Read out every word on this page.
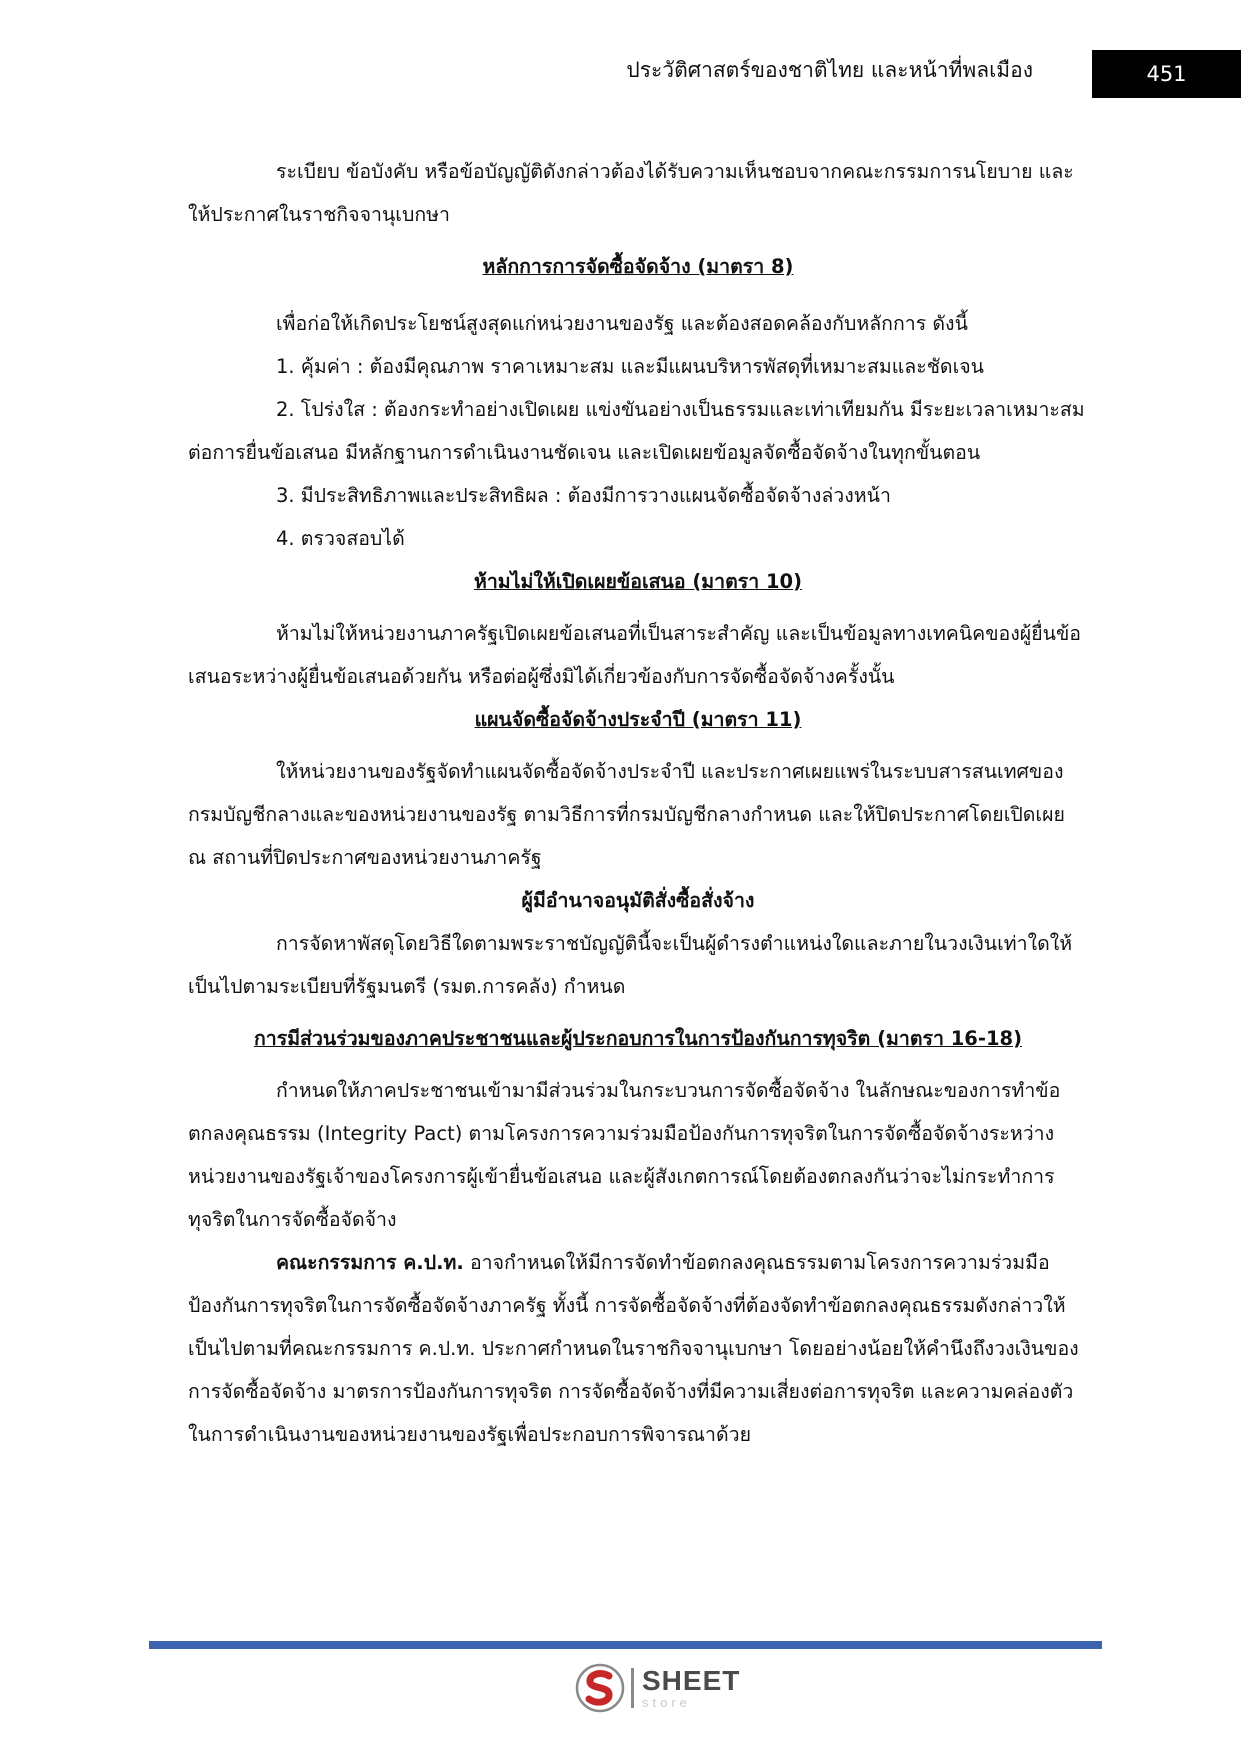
ประวัติศาสตร์ของชาติไทย และหน้าที่พลเมือง	451

ระเบียบ ข้อบังคับ หรือข้อบัญญัติดังกล่าวต้องได้รับความเห็นชอบจากคณะกรรมการนโยบาย และให้ประกาศในราชกิจจานุเบกษา

หลักการการจัดซื้อจัดจ้าง (มาตรา 8)

เพื่อก่อให้เกิดประโยชน์สูงสุดแก่หน่วยงานของรัฐ และต้องสอดคล้องกับหลักการ ดังนี้

1. คุ้มค่า : ต้องมีคุณภาพ ราคาเหมาะสม และมีแผนบริหารพัสดุที่เหมาะสมและชัดเจน

2. โปร่งใส : ต้องกระทำอย่างเปิดเผย แข่งขันอย่างเป็นธรรมและเท่าเทียมกัน มีระยะเวลาเหมาะสมต่อการยื่นข้อเสนอ มีหลักฐานการดำเนินงานชัดเจน และเปิดเผยข้อมูลจัดซื้อจัดจ้างในทุกขั้นตอน

3. มีประสิทธิภาพและประสิทธิผล : ต้องมีการวางแผนจัดซื้อจัดจ้างล่วงหน้า

4. ตรวจสอบได้

ห้ามไม่ให้เปิดเผยข้อเสนอ (มาตรา 10)

ห้ามไม่ให้หน่วยงานภาครัฐเปิดเผยข้อเสนอที่เป็นสาระสำคัญ และเป็นข้อมูลทางเทคนิคของผู้ยื่นข้อเสนอระหว่างผู้ยื่นข้อเสนอด้วยกัน หรือต่อผู้ซึ่งมิได้เกี่ยวข้องกับการจัดซื้อจัดจ้างครั้งนั้น

แผนจัดซื้อจัดจ้างประจำปี (มาตรา 11)

ให้หน่วยงานของรัฐจัดทำแผนจัดซื้อจัดจ้างประจำปี และประกาศเผยแพร่ในระบบสารสนเทศของกรมบัญชีกลางและของหน่วยงานของรัฐ ตามวิธีการที่กรมบัญชีกลางกำหนด และให้ปิดประกาศโดยเปิดเผย ณ สถานที่ปิดประกาศของหน่วยงานภาครัฐ

ผู้มีอำนาจอนุมัติสั่งซื้อสั่งจ้าง

การจัดหาพัสดุโดยวิธีใดตามพระราชบัญญัตินี้จะเป็นผู้ดำรงตำแหน่งใดและภายในวงเงินเท่าใดให้เป็นไปตามระเบียบที่รัฐมนตรี (รมต.การคลัง) กำหนด

การมีส่วนร่วมของภาคประชาชนและผู้ประกอบการในการป้องกันการทุจริต (มาตรา 16-18)

กำหนดให้ภาคประชาชนเข้ามามีส่วนร่วมในกระบวนการจัดซื้อจัดจ้าง ในลักษณะของการทำข้อตกลงคุณธรรม (Integrity Pact) ตามโครงการความร่วมมือป้องกันการทุจริตในการจัดซื้อจัดจ้างระหว่าง หน่วยงานของรัฐเจ้าของโครงการผู้เข้ายื่นข้อเสนอ และผู้สังเกตการณ์โดยต้องตกลงกันว่าจะไม่กระทำการทุจริตในการจัดซื้อจัดจ้าง

คณะกรรมการ ค.ป.ท. อาจกำหนดให้มีการจัดทำข้อตกลงคุณธรรมตามโครงการความร่วมมือป้องกันการทุจริตในการจัดซื้อจัดจ้างภาครัฐ ทั้งนี้ การจัดซื้อจัดจ้างที่ต้องจัดทำข้อตกลงคุณธรรมดังกล่าวให้เป็นไปตามที่คณะกรรมการ ค.ป.ท. ประกาศกำหนดในราชกิจจานุเบกษา โดยอย่างน้อยให้คำนึงถึงวงเงินของการจัดซื้อจัดจ้าง มาตรการป้องกันการทุจริต การจัดซื้อจัดจ้างที่มีความเสี่ยงต่อการทุจริต และความคล่องตัวในการดำเนินงานของหน่วยงานของรัฐเพื่อประกอบการพิจารณาด้วย

SHEET
store
